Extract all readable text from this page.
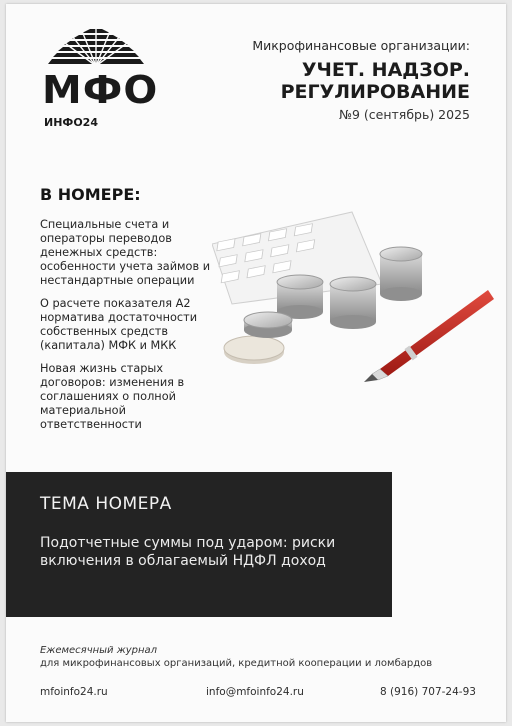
МФО
ИНФО24
Микрофинансовые организации:
УЧЕТ. НАДЗОР.
РЕГУЛИРОВАНИЕ
№9 (сентябрь) 2025
В НОМЕРЕ:
Специальные счета и операторы переводов денежных средств: особенности учета займов и нестандартные операции
О расчете показателя А2 норматива достаточности собственных средств (капитала) МФК и МКК
Новая жизнь старых договоров: изменения в соглашениях о полной материальной ответственности
ТЕМА НОМЕРА
Подотчетные суммы под ударом: риски включения в облагаемый НДФЛ доход
Ежемесячный журнал
для микрофинансовых организаций, кредитной кооперации и ломбардов
mfoinfo24.ru	info@mfoinfo24.ru	8 (916) 707-24-93
